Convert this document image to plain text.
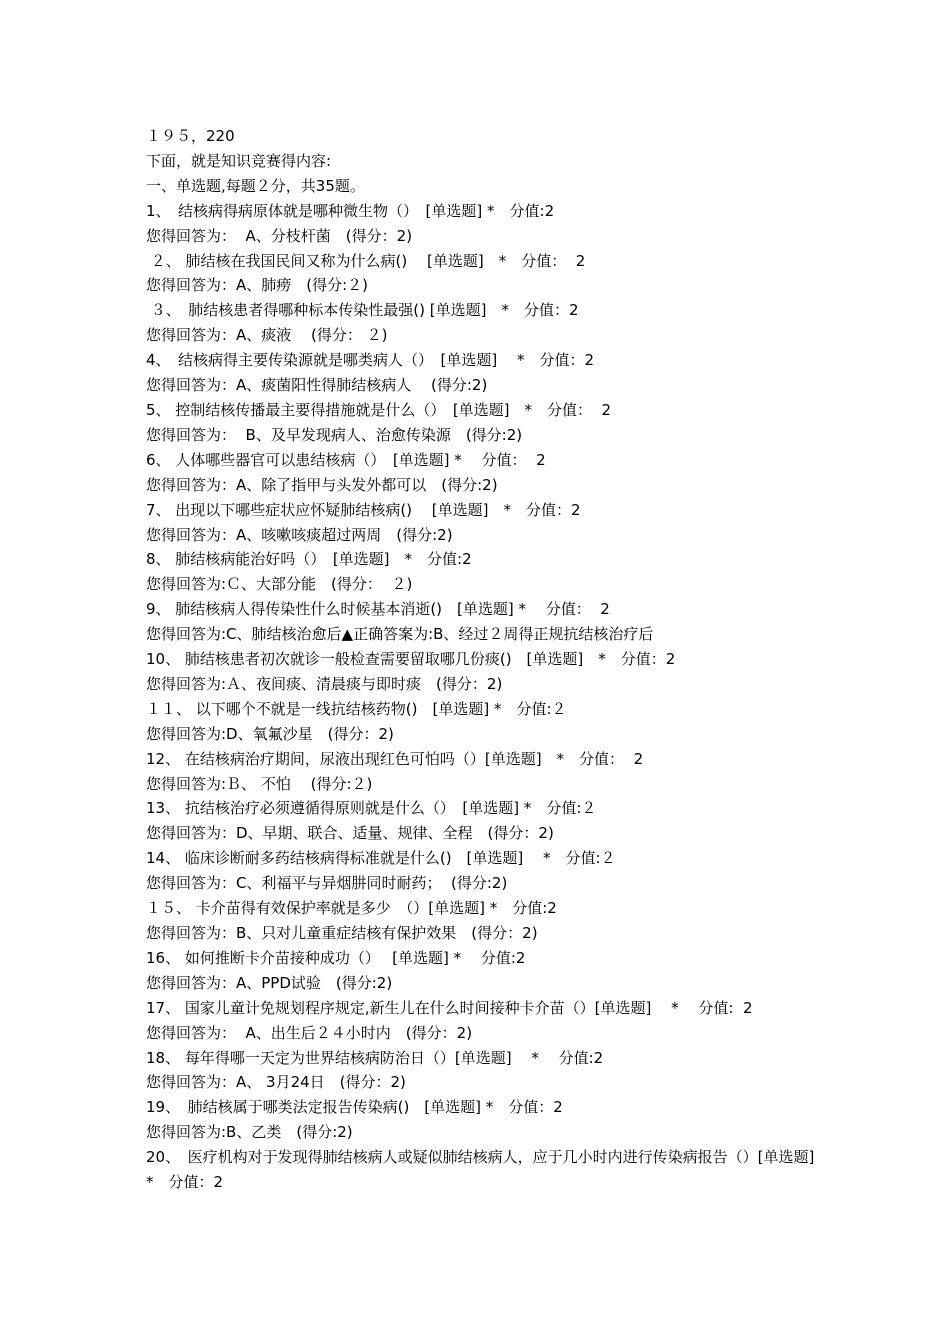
１９５，220
下面，就是知识竞赛得内容:
一、单选题,每题２分，共35题。
1、　结核病得病原体就是哪种微生物（）　[单选题] *　分值:2
您得回答为：  A、分枝杆菌　(得分：2)
２、 肺结核在我国民间又称为什么病()　 [单选题]　*　分值：  2
您得回答为：A、肺痨　(得分:２)
３、　肺结核患者得哪种标本传染性最强() [单选题]　*　分值：2
您得回答为：A、痰液 　(得分： ２)
4、　结核病得主要传染源就是哪类病人（）　[单选题] 　*　分值：2
您得回答为：A、痰菌阳性得肺结核病人　 (得分:2)
5、 控制结核传播最主要得措施就是什么（）　[单选题]　*　分值：  2
您得回答为：  B、及早发现病人、治愈传染源　(得分:2)
6、 人体哪些器官可以患结核病（）　[单选题] *　 分值：  2
您得回答为：A、除了指甲与头发外都可以　(得分:2)
7、 出现以下哪些症状应怀疑肺结核病()　 [单选题]　*　分值：2
您得回答为：A、咳嗽咳痰超过两周　(得分:2)
8、 肺结核病能治好吗（）　[单选题]　*　分值:2
您得回答为:Ｃ、大部分能　(得分：  ２)
9、 肺结核病人得传染性什么时候基本消逝()　[单选题] *　 分值：  2
您得回答为:C、肺结核治愈后﻿▲正确答案为:B、经过２周得正规抗结核治疗后
10、 肺结核患者初次就诊一般检查需要留取哪几份痰()　[单选题]　*　分值：2
您得回答为:Ａ、夜间痰、清晨痰与即时痰　(得分：2)
１１、 以下哪个不就是一线抗结核药物()　[单选题] *　分值:２
您得回答为:D、氧氟沙星　(得分：2)
12、 在结核病治疗期间，尿液出现红色可怕吗（）[单选题]　*　分值：  2
您得回答为:Ｂ、 不怕 　(得分:２)
13、 抗结核治疗必须遵循得原则就是什么（）　[单选题] *　分值:２
您得回答为：D、早期、联合、适量、规律、全程　(得分：2)
14、 临床诊断耐多药结核病得标准就是什么()　[单选题]　 *　分值:２
您得回答为：C、利福平与异烟肼同时耐药；  (得分:2)
１５、 卡介苗得有效保护率就是多少　（）[单选题] *　分值:2
您得回答为：B、只对儿童重症结核有保护效果　(得分：2)
16、 如何推断卡介苗接种成功（）　 [单选题] *　 分值:2
您得回答为：A、PPD试验　(得分:2)
17、 国家儿童计免规划程序规定,新生儿在什么时间接种卡介苗（）[单选题]　 *　 分值:  2
您得回答为：  A、出生后２４小时内　(得分：2)
18、 每年得哪一天定为世界结核病防治日（）[单选题]　 *　 分值:2
您得回答为：A、 3月24日　(得分：2)
19、　肺结核属于哪类法定报告传染病()　[单选题] *　分值：2
您得回答为:B、乙类　(得分:2)
20、　医疗机构对于发现得肺结核病人或疑似肺结核病人，应于几小时内进行传染病报告（）[单选题]　*　分值：2
